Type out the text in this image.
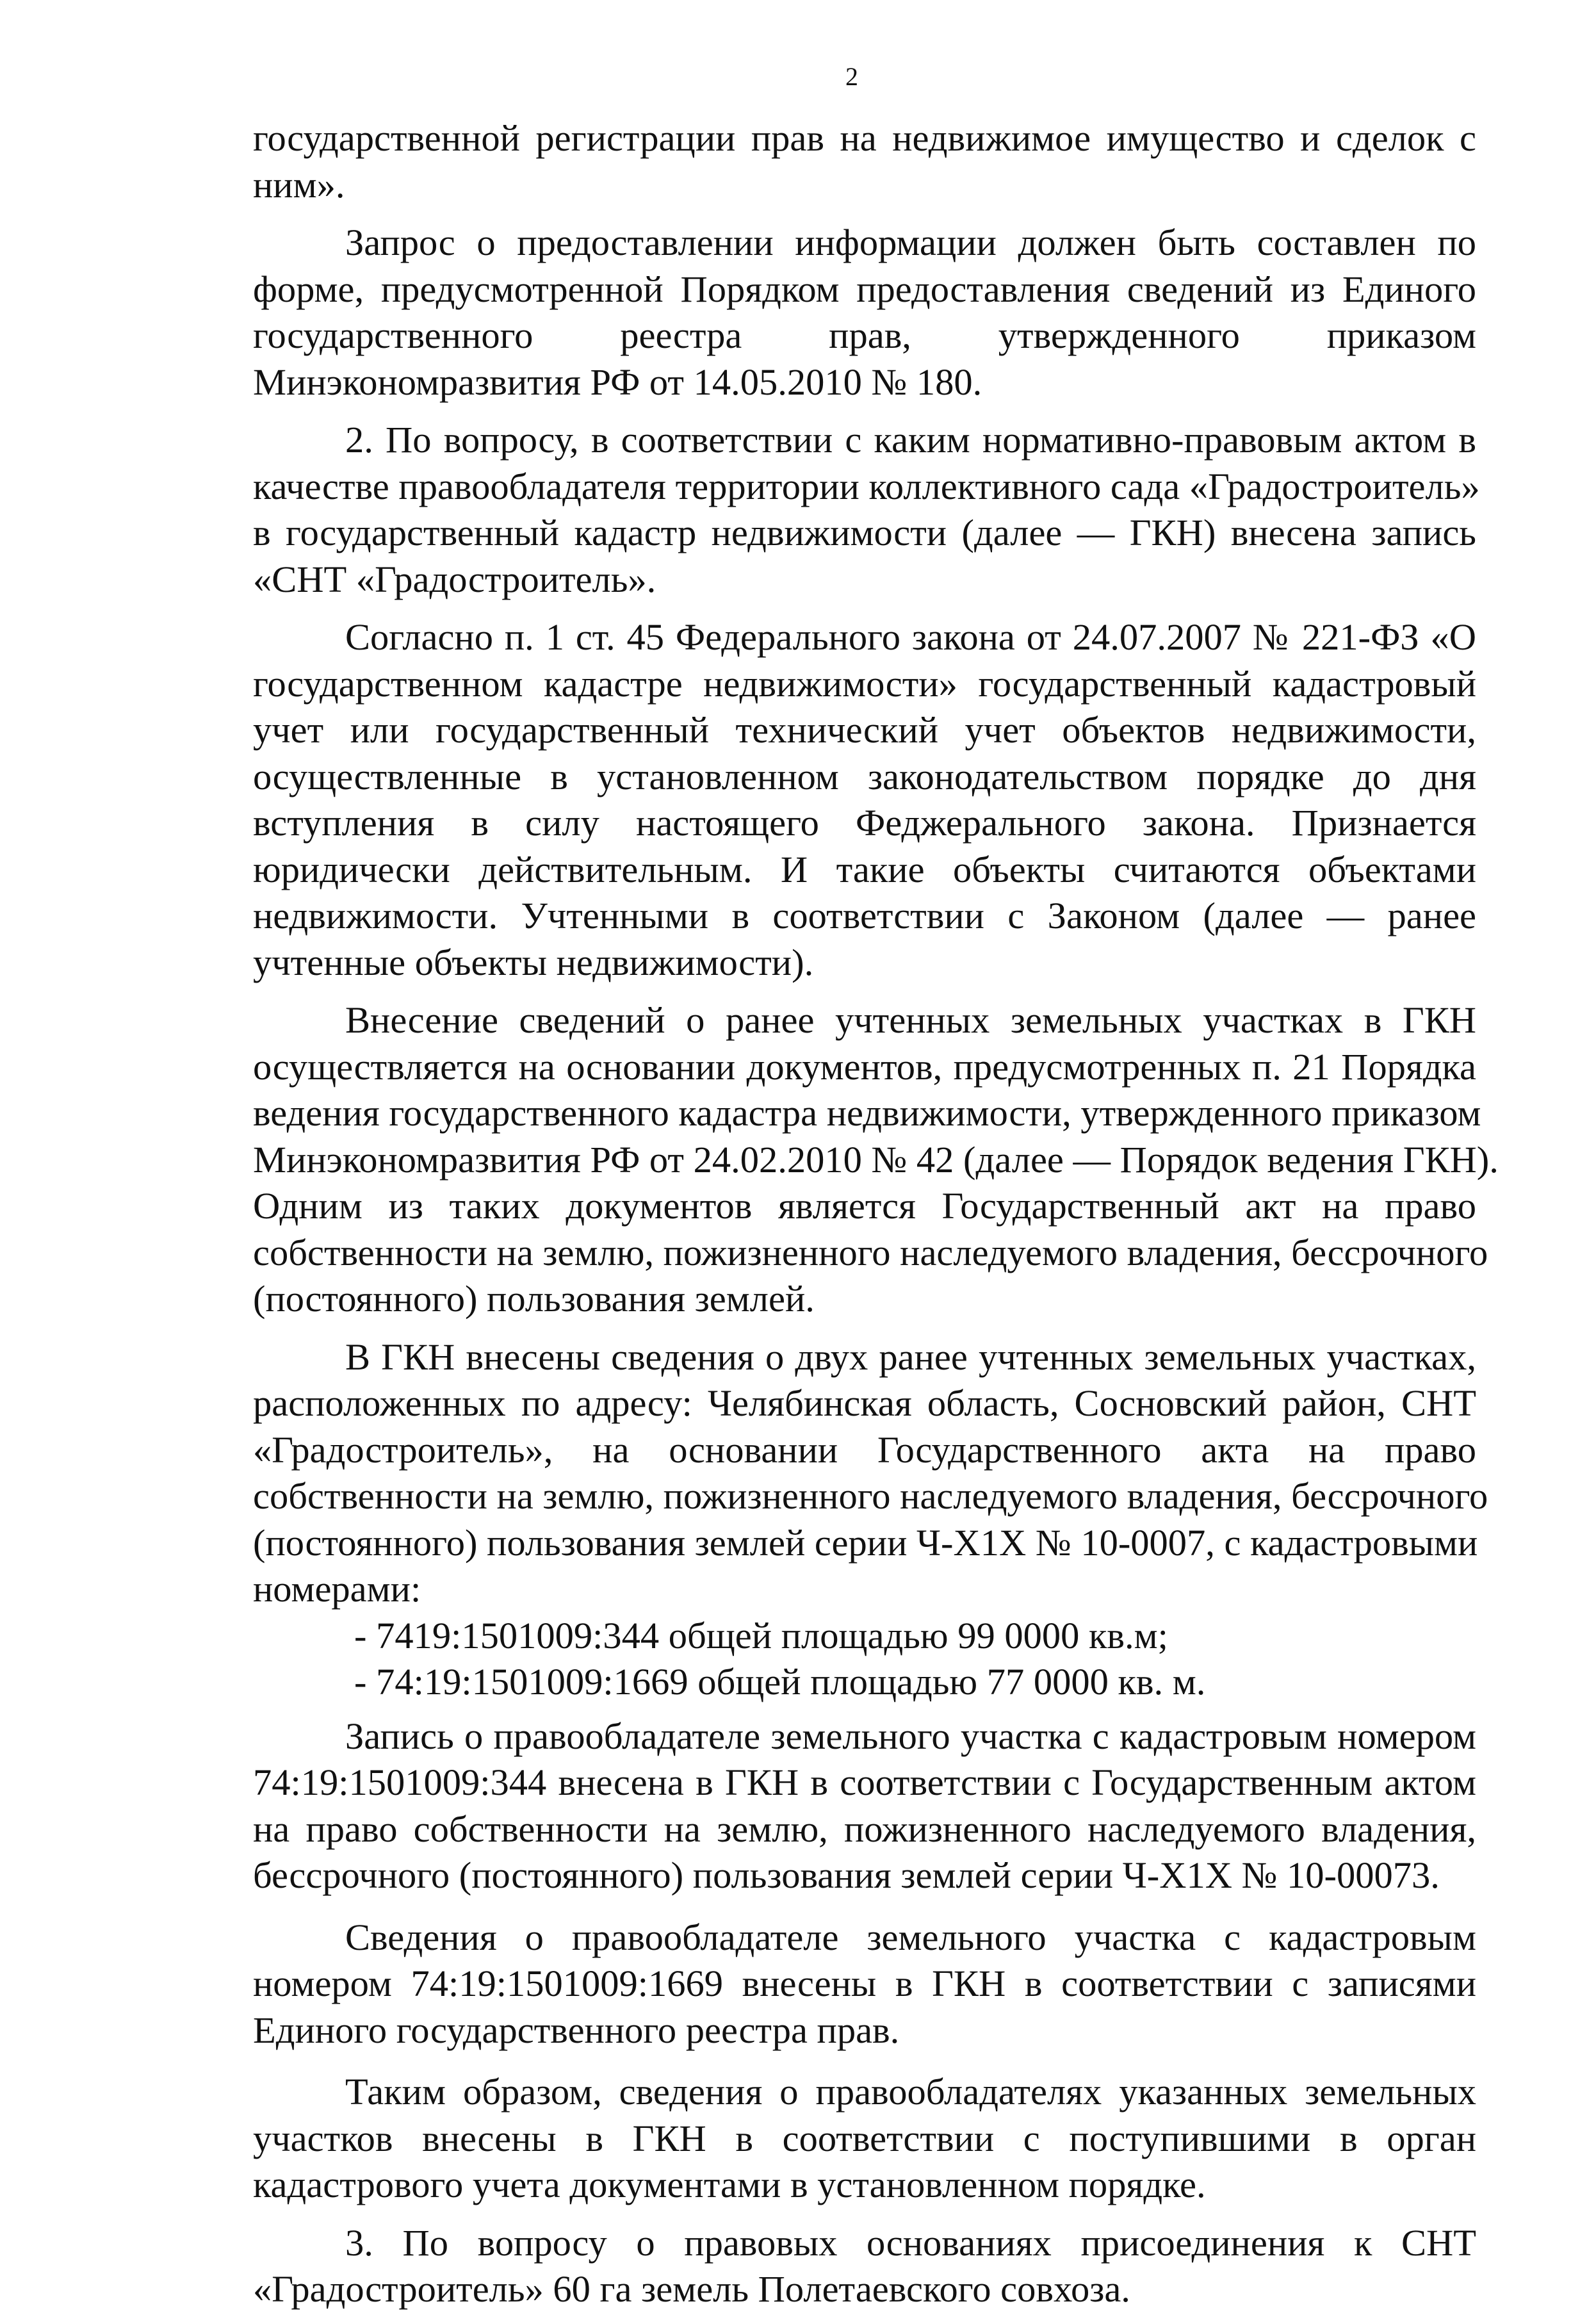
2

государственной регистрации прав на недвижимое имущество и сделок с
ним».

Запрос о предоставлении информации должен быть составлен по
форме, предусмотренной Порядком предоставления сведений из Единого
государственного реестра прав, утвержденного приказом
Минэкономразвития РФ от 14.05.2010 № 180.

2. По вопросу, в соответствии с каким нормативно-правовым актом в
качестве правообладателя территории коллективного сада «Градостроитель»
в государственный кадастр недвижимости (далее — ГКН) внесена запись
«СНТ «Градостроитель».

Согласно п. 1 ст. 45 Федерального закона от 24.07.2007 № 221-ФЗ «О
государственном кадастре недвижимости» государственный кадастровый
учет или государственный технический учет объектов недвижимости,
осуществленные в установленном законодательством порядке до дня
вступления в силу настоящего Феджерального закона. Признается
юридически действительным. И такие объекты считаются объектами
недвижимости. Учтенными в соответствии с Законом (далее — ранее
учтенные объекты недвижимости).

Внесение сведений о ранее учтенных земельных участках в ГКН
осуществляется на основании документов, предусмотренных п. 21 Порядка
ведения государственного кадастра недвижимости, утвержденного приказом
Минэкономразвития РФ от 24.02.2010 № 42 (далее — Порядок ведения ГКН).
Одним из таких документов является Государственный акт на право
собственности на землю, пожизненного наследуемого владения, бессрочного
(постоянного) пользования землей.

В ГКН внесены сведения о двух ранее учтенных земельных участках,
расположенных по адресу: Челябинская область, Сосновский район, СНТ
«Градостроитель», на основании Государственного акта на право
собственности на землю, пожизненного наследуемого владения, бессрочного
(постоянного) пользования землей серии Ч-Х1Х № 10-0007, с кадастровыми
номерами:

- 7419:1501009:344 общей площадью 99 0000 кв.м;
- 74:19:1501009:1669 общей площадью 77 0000 кв. м.

Запись о правообладателе земельного участка с кадастровым номером
74:19:1501009:344 внесена в ГКН в соответствии с Государственным актом
на право собственности на землю, пожизненного наследуемого владения,
бессрочного (постоянного) пользования землей серии Ч-Х1Х № 10-00073.

Сведения о правообладателе земельного участка с кадастровым
номером 74:19:1501009:1669 внесены в ГКН в соответствии с записями
Единого государственного реестра прав.

Таким образом, сведения о правообладателях указанных земельных
участков внесены в ГКН в соответствии с поступившими в орган
кадастрового учета документами в установленном порядке.

3. По вопросу о правовых основаниях присоединения к СНТ
«Градостроитель» 60 га земель Полетаевского совхоза.
